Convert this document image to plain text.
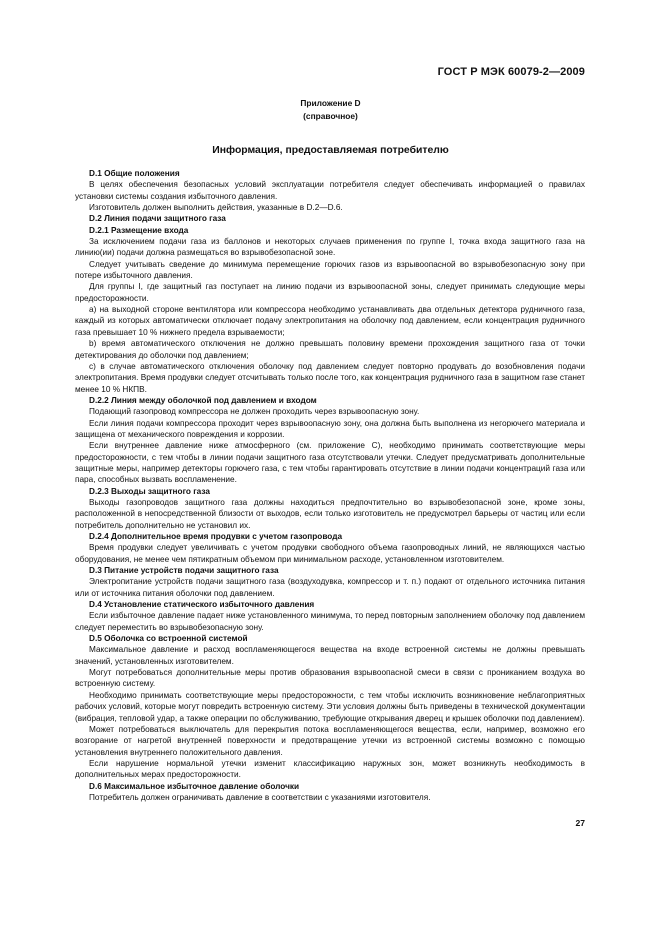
ГОСТ Р МЭК 60079-2—2009
Приложение D
(справочное)
Информация, предоставляемая потребителю

D.1 Общие положения

В целях обеспечения безопасных условий эксплуатации потребителя следует обеспечивать информацией о правилах установки системы создания избыточного давления.

Изготовитель должен выполнить действия, указанные в D.2—D.6.

D.2 Линия подачи защитного газа

D.2.1 Размещение входа

За исключением подачи газа из баллонов и некоторых случаев применения по группе I, точка входа защитного газа на линию(ии) подачи должна размещаться во взрывобезопасной зоне.

Следует учитывать сведение до минимума перемещение горючих газов из взрывоопасной во взрывобезопасную зону при потере избыточного давления.

Для группы I, где защитный газ поступает на линию подачи из взрывоопасной зоны, следует принимать следующие меры предосторожности.

а) на выходной стороне вентилятора или компрессора необходимо устанавливать два отдельных детектора рудничного газа, каждый из которых автоматически отключает подачу электропитания на оболочку под давлением, если концентрация рудничного газа превышает 10 % нижнего предела взрываемости;

b) время автоматического отключения не должно превышать половину времени прохождения защитного газа от точки детектирования до оболочки под давлением;

с) в случае автоматического отключения оболочку под давлением следует повторно продувать до возобновления подачи электропитания. Время продувки следует отсчитывать только после того, как концентрация рудничного газа в защитном газе станет менее 10 % НКПВ.

D.2.2 Линия между оболочкой под давлением и входом

Подающий газопровод компрессора не должен проходить через взрывоопасную зону.

Если линия подачи компрессора проходит через взрывоопасную зону, она должна быть выполнена из негорючего материала и защищена от механического повреждения и коррозии.

Если внутреннее давление ниже атмосферного (см. приложение С), необходимо принимать соответствующие меры предосторожности, с тем чтобы в линии подачи защитного газа отсутствовали утечки. Следует предусматривать дополнительные защитные меры, например детекторы горючего газа, с тем чтобы гарантировать отсутствие в линии подачи концентраций газа или пара, способных вызвать воспламенение.

D.2.3 Выходы защитного газа

Выходы газопроводов защитного газа должны находиться предпочтительно во взрывобезопасной зоне, кроме зоны, расположенной в непосредственной близости от выходов, если только изготовитель не предусмотрел барьеры от частиц или если потребитель дополнительно не установил их.

D.2.4 Дополнительное время продувки с учетом газопровода

Время продувки следует увеличивать с учетом продувки свободного объема газопроводных линий, не являющихся частью оборудования, не менее чем пятикратным объемом при минимальном расходе, установленном изготовителем.

D.3 Питание устройств подачи защитного газа

Электропитание устройств подачи защитного газа (воздуходувка, компрессор и т. п.) подают от отдельного источника питания или от источника питания оболочки под давлением.

D.4 Установление статического избыточного давления

Если избыточное давление падает ниже установленного минимума, то перед повторным заполнением оболочку под давлением следует переместить во взрывобезопасную зону.

D.5 Оболочка со встроенной системой

Максимальное давление и расход воспламеняющегося вещества на входе встроенной системы не должны превышать значений, установленных изготовителем.

Могут потребоваться дополнительные меры против образования взрывоопасной смеси в связи с прониканием воздуха во встроенную систему.

Необходимо принимать соответствующие меры предосторожности, с тем чтобы исключить возникновение неблагоприятных рабочих условий, которые могут повредить встроенную систему. Эти условия должны быть приведены в технической документации (вибрация, тепловой удар, а также операции по обслуживанию, требующие открывания дверец и крышек оболочки под давлением).

Может потребоваться выключатель для перекрытия потока воспламеняющегося вещества, если, например, возможно его возгорание от нагретой внутренней поверхности и предотвращение утечки из встроенной системы возможно с помощью установления внутреннего положительного давления.

Если нарушение нормальной утечки изменит классификацию наружных зон, может возникнуть необходимость в дополнительных мерах предосторожности.

D.6 Максимальное избыточное давление оболочки

Потребитель должен ограничивать давление в соответствии с указаниями изготовителя.

27
